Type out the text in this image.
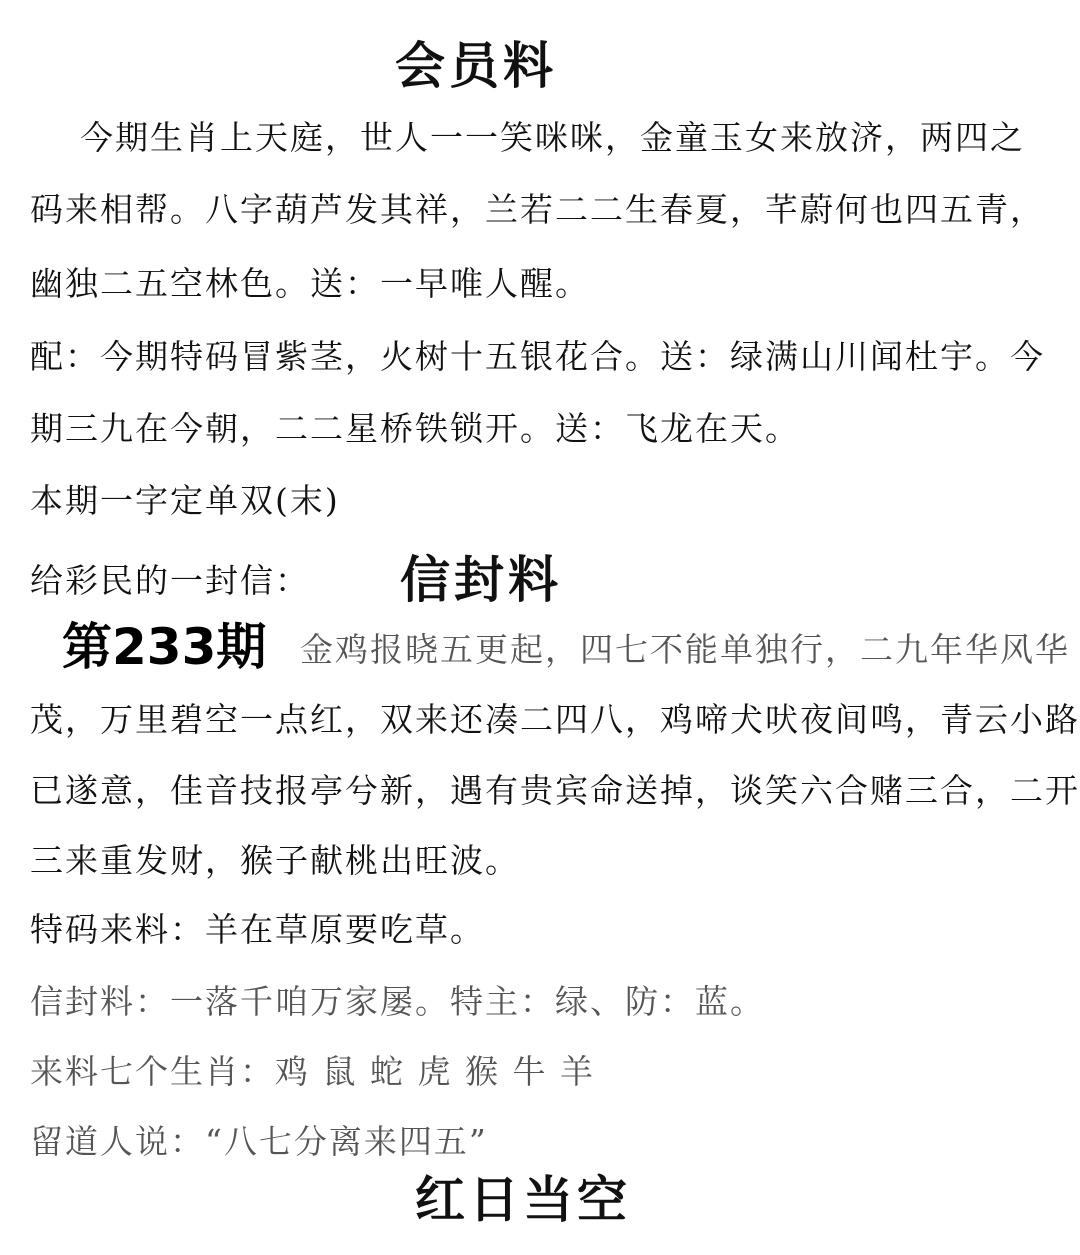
会员料
今期生肖上天庭，世人一一笑咪咪，金童玉女来放济，两四之
码来相帮。八字葫芦发其祥，兰若二二生春夏，芊蔚何也四五青，
幽独二五空林色。送：一早唯人醒。
配：今期特码冒紫茎，火树十五银花合。送：绿满山川闻杜宇。今
期三九在今朝，二二星桥铁锁开。送：飞龙在天。
本期一字定单双(末)
给彩民的一封信： 信封料
金鸡报晓五更起，四七不能单独行，二九年华风华
第233期
茂，万里碧空一点红，双来还凑二四八，鸡啼犬吠夜间鸣，青云小路
已遂意，佳音技报亭兮新，遇有贵宾命送掉，谈笑六合赌三合，二开
三来重发财，猴子献桃出旺波。
特码来料：羊在草原要吃草。
信封料：一落千咱万家屡。特主：绿、防：蓝。
来料七个生肖：鸡 鼠 蛇 虎 猴 牛 羊
留道人说：“八七分离来四五”
红日当空
